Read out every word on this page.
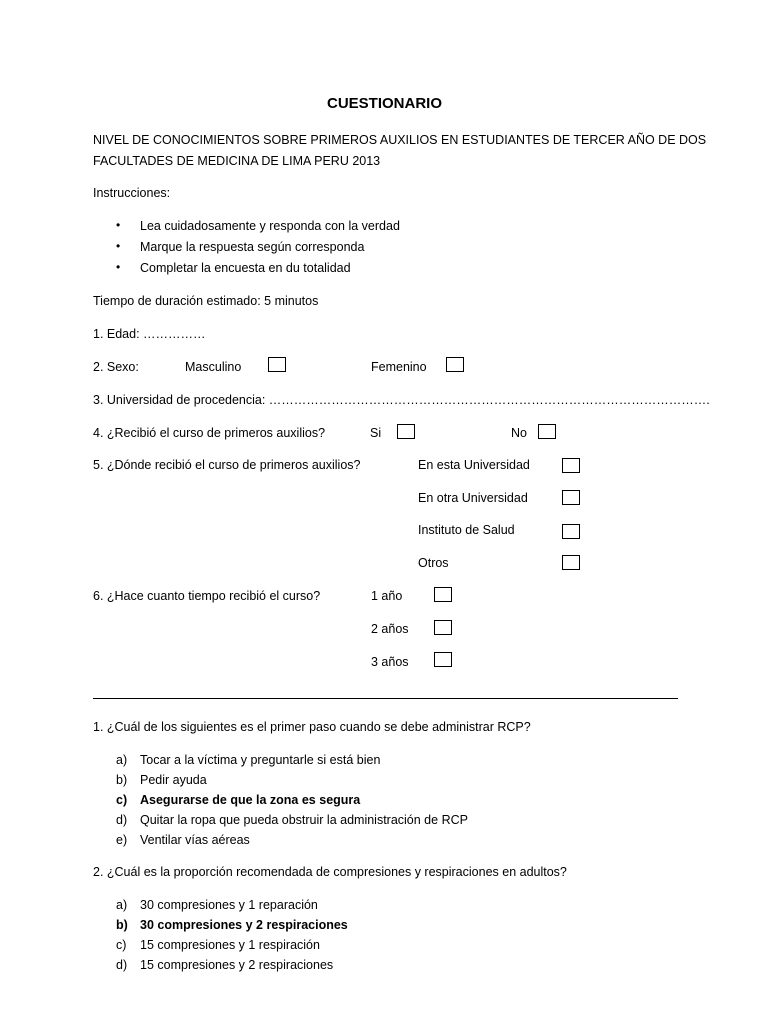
CUESTIONARIO
NIVEL DE CONOCIMIENTOS SOBRE PRIMEROS AUXILIOS EN ESTUDIANTES DE TERCER AÑO DE DOS
FACULTADES DE MEDICINA DE LIMA PERU 2013
Instrucciones:
• Lea cuidadosamente y responda con la verdad
• Marque la respuesta según corresponda
• Completar la encuesta en du totalidad
Tiempo de duración estimado: 5 minutos
1. Edad: ……………
2. Sexo:	Masculino	Femenino
3. Universidad de procedencia: …………………………………………………………………………………………….
4. ¿Recibió el curso de primeros auxilios?	Si	No
5. ¿Dónde recibió el curso de primeros auxilios?	En esta Universidad
En otra Universidad
Instituto de Salud
Otros
6. ¿Hace cuanto tiempo recibió el curso?	1 año
2 años
3 años
1. ¿Cuál de los siguientes es el primer paso cuando se debe administrar RCP?
a) Tocar a la víctima y preguntarle si está bien
b) Pedir ayuda
c) Asegurarse de que la zona es segura
d) Quitar la ropa que pueda obstruir la administración de RCP
e) Ventilar vías aéreas
2. ¿Cuál es la proporción recomendada de compresiones y respiraciones en adultos?
a) 30 compresiones y 1 reparación
b) 30 compresiones y 2 respiraciones
c) 15 compresiones y 1 respiración
d) 15 compresiones y 2 respiraciones
